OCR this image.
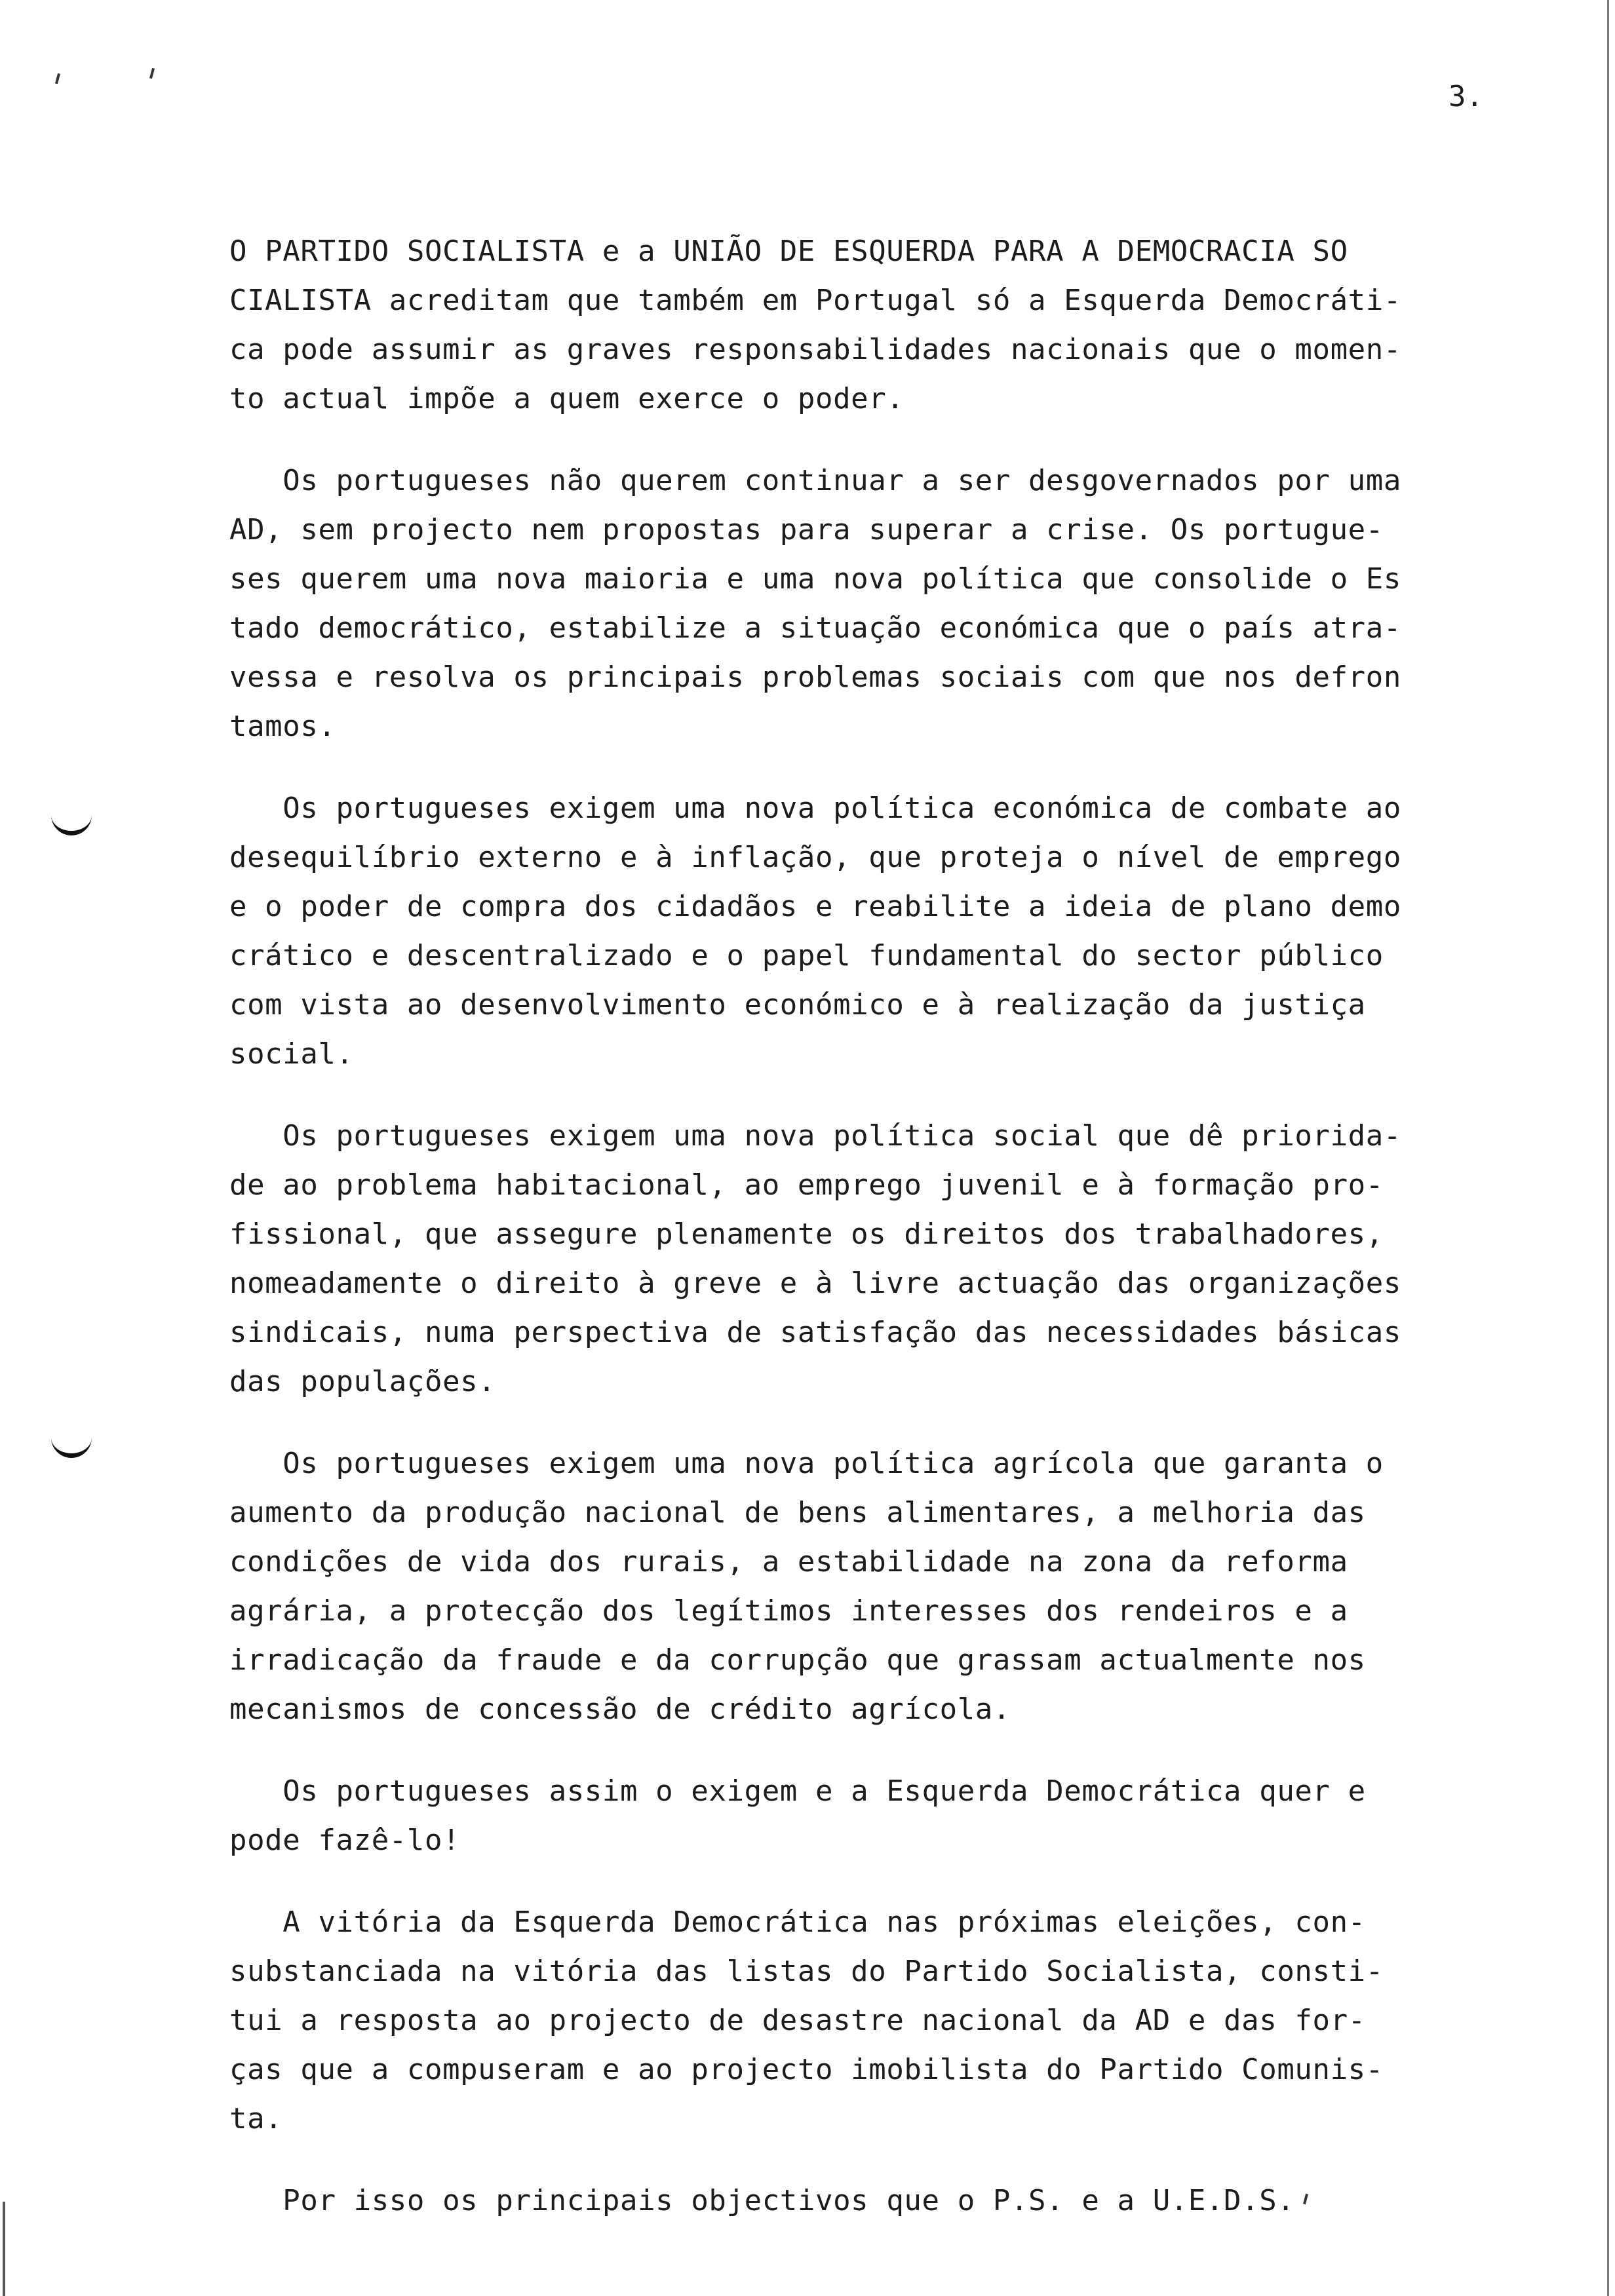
3.

O PARTIDO SOCIALISTA e a UNIÃO DE ESQUERDA PARA A DEMOCRACIA SO
CIALISTA acreditam que também em Portugal só a Esquerda Democráti-
ca pode assumir as graves responsabilidades nacionais que o momen-
to actual impõe a quem exerce o poder.

Os portugueses não querem continuar a ser desgovernados por uma
AD, sem projecto nem propostas para superar a crise. Os portugue-
ses querem uma nova maioria e uma nova política que consolide o Es
tado democrático, estabilize a situação económica que o país atra-
vessa e resolva os principais problemas sociais com que nos defron
tamos.

Os portugueses exigem uma nova política económica de combate ao
desequilíbrio externo e à inflação, que proteja o nível de emprego
e o poder de compra dos cidadãos e reabilite a ideia de plano demo
crático e descentralizado e o papel fundamental do sector público
com vista ao desenvolvimento económico e à realização da justiça
social.

Os portugueses exigem uma nova política social que dê priorida-
de ao problema habitacional, ao emprego juvenil e à formação pro-
fissional, que assegure plenamente os direitos dos trabalhadores,
nomeadamente o direito à greve e à livre actuação das organizações
sindicais, numa perspectiva de satisfação das necessidades básicas
das populações.

Os portugueses exigem uma nova política agrícola que garanta o
aumento da produção nacional de bens alimentares, a melhoria das
condições de vida dos rurais, a estabilidade na zona da reforma
agrária, a protecção dos legítimos interesses dos rendeiros e a
irradicação da fraude e da corrupção que grassam actualmente nos
mecanismos de concessão de crédito agrícola.

Os portugueses assim o exigem e a Esquerda Democrática quer e
pode fazê-lo!

A vitória da Esquerda Democrática nas próximas eleições, con-
substanciada na vitória das listas do Partido Socialista, consti-
tui a resposta ao projecto de desastre nacional da AD e das for-
ças que a compuseram e ao projecto imobilista do Partido Comunis-
ta.

Por isso os principais objectivos que o P.S. e a U.E.D.S.
